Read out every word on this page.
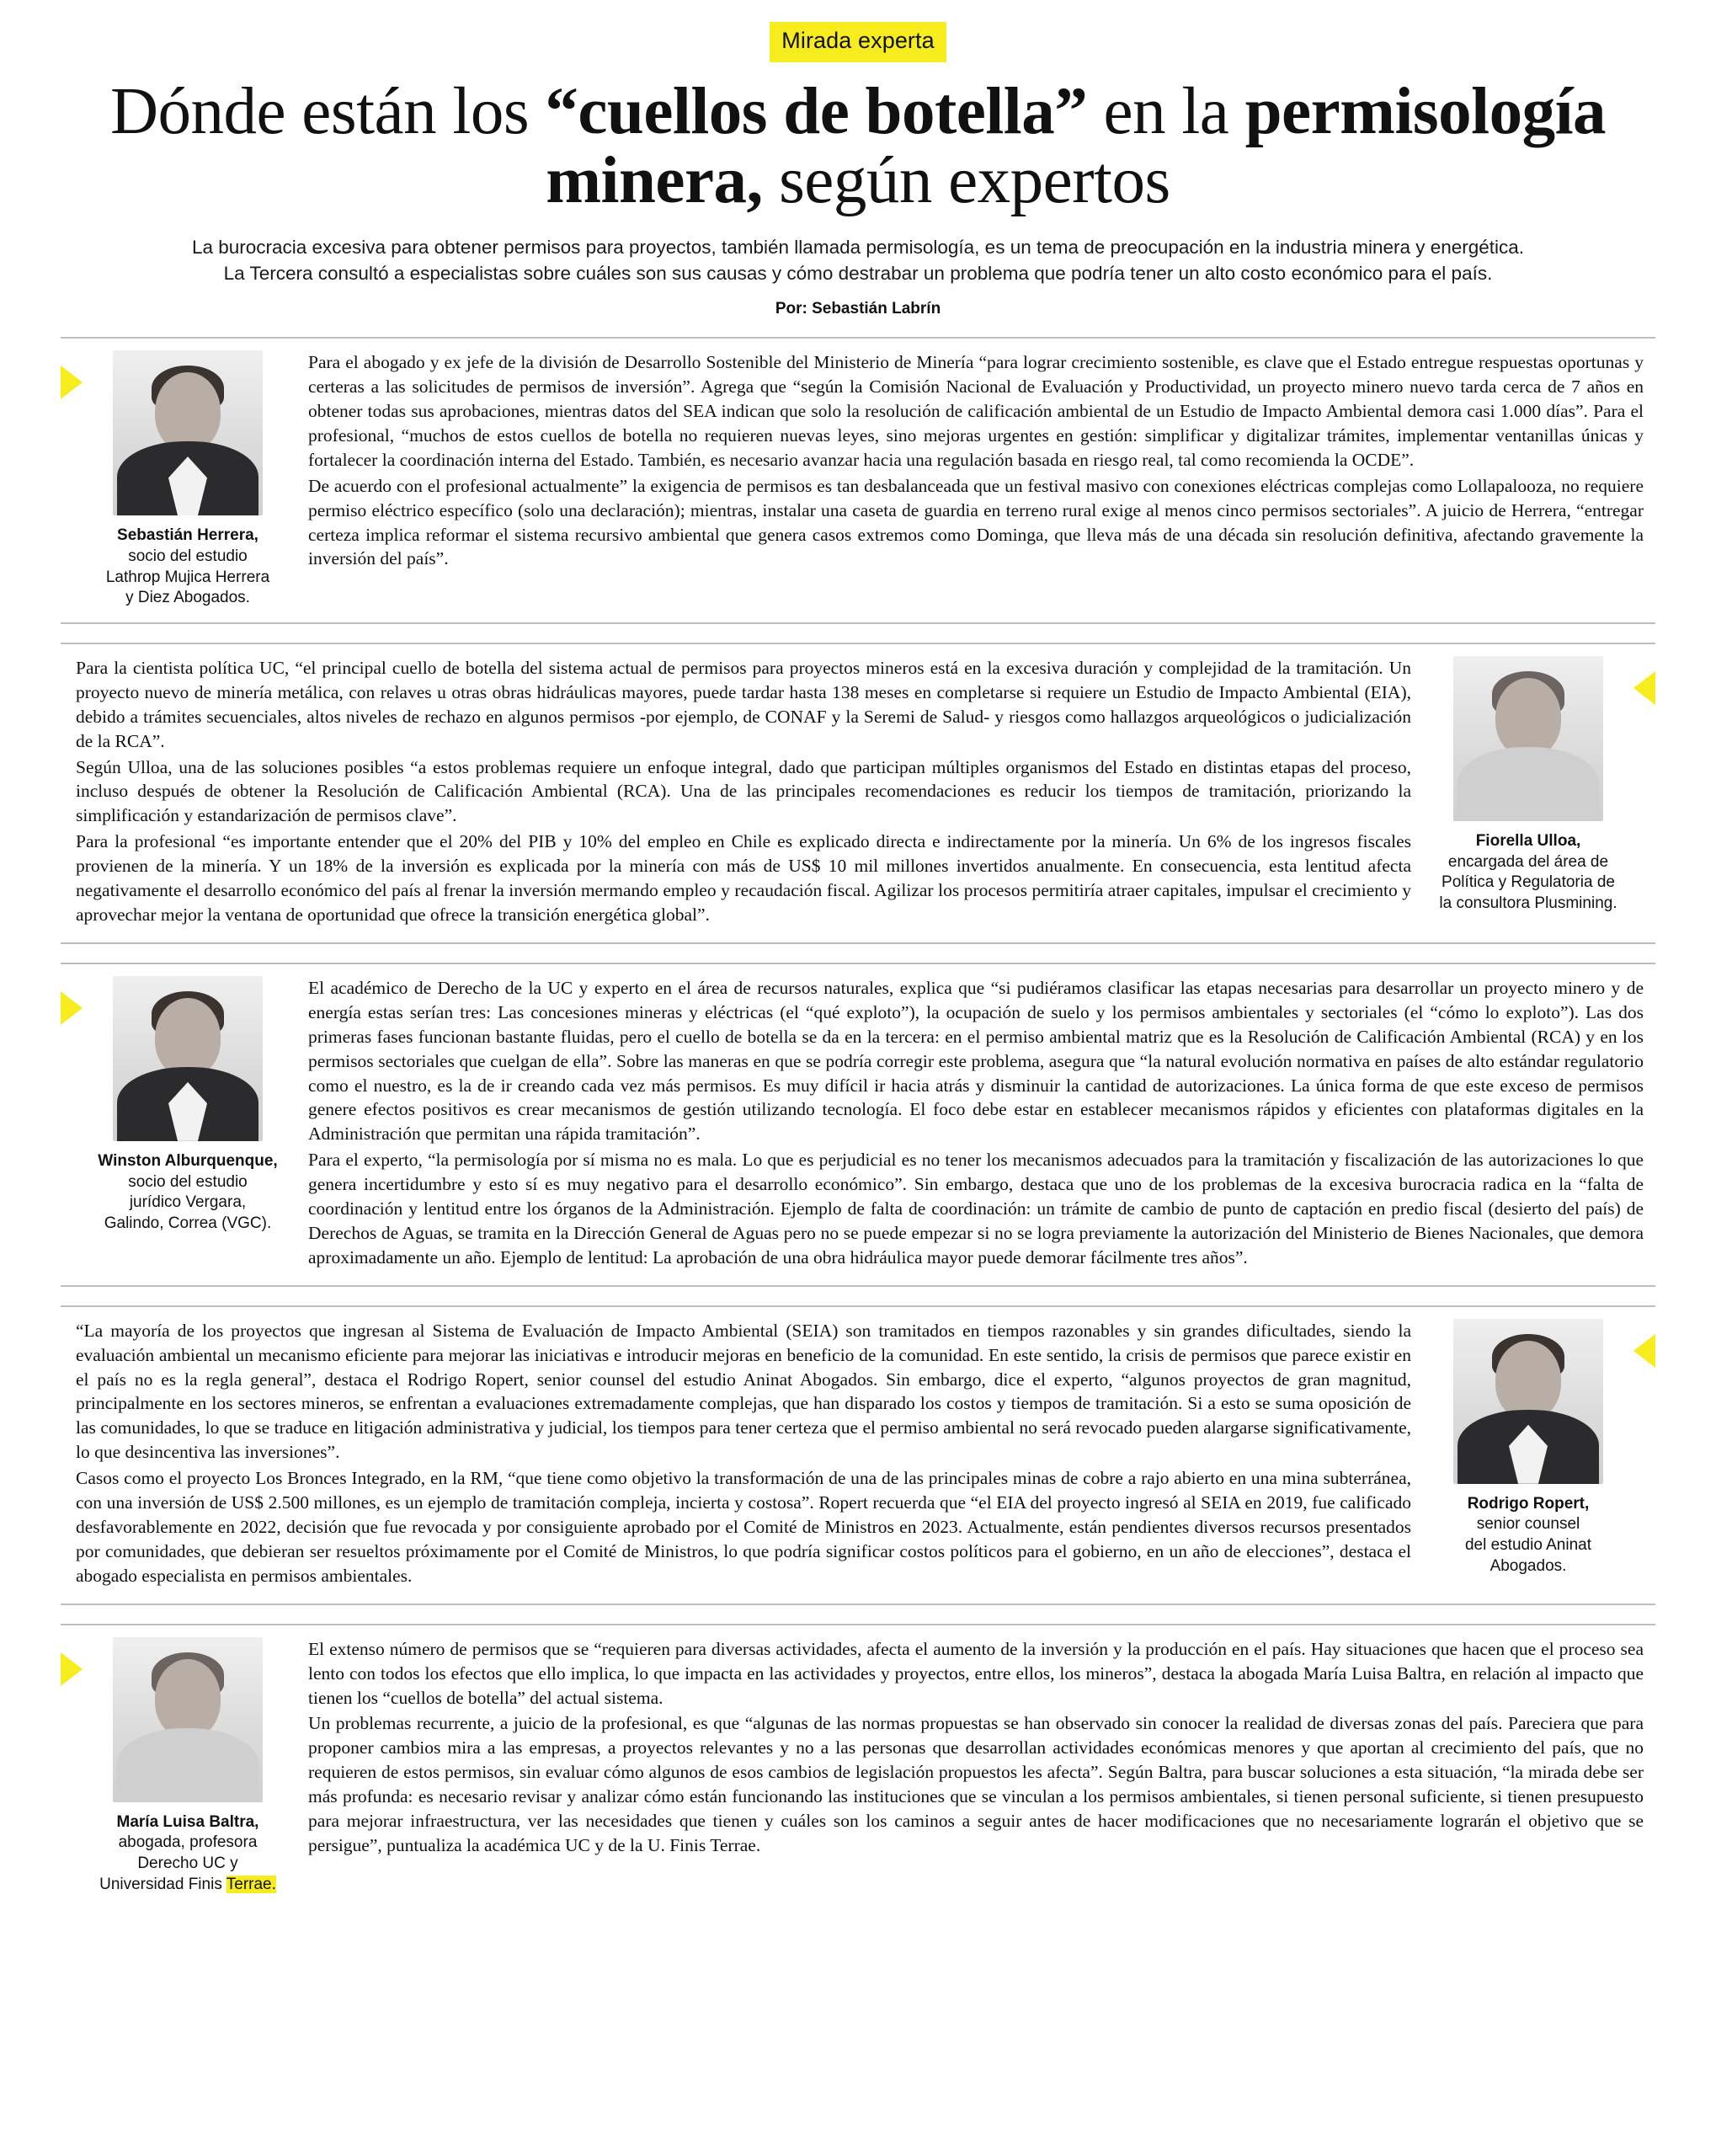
Mirada experta
Dónde están los “cuellos de botella” en la permisología minera, según expertos
La burocracia excesiva para obtener permisos para proyectos, también llamada permisología, es un tema de preocupación en la industria minera y energética.
La Tercera consultó a especialistas sobre cuáles son sus causas y cómo destrabar un problema que podría tener un alto costo económico para el país.
Por: Sebastián Labrín
Sebastián Herrera,
socio del estudio
Lathrop Mujica Herrera
y Diez Abogados.

Para el abogado y ex jefe de la división de Desarrollo Sostenible del Ministerio de Minería “para lograr crecimiento sostenible, es clave que el Estado entregue respuestas oportunas y certeras a las solicitudes de permisos de inversión”. Agrega que “según la Comisión Nacional de Evaluación y Productividad, un proyecto minero nuevo tarda cerca de 7 años en obtener todas sus aprobaciones, mientras datos del SEA indican que solo la resolución de calificación ambiental de un Estudio de Impacto Ambiental demora casi 1.000 días”. Para el profesional, “muchos de estos cuellos de botella no requieren nuevas leyes, sino mejoras urgentes en gestión: simplificar y digitalizar trámites, implementar ventanillas únicas y fortalecer la coordinación interna del Estado. También, es necesario avanzar hacia una regulación basada en riesgo real, tal como recomienda la OCDE”.

De acuerdo con el profesional actualmente” la exigencia de permisos es tan desbalanceada que un festival masivo con conexiones eléctricas complejas como Lollapalooza, no requiere permiso eléctrico específico (solo una declaración); mientras, instalar una caseta de guardia en terreno rural exige al menos cinco permisos sectoriales”. A juicio de Herrera, “entregar certeza implica reformar el sistema recursivo ambiental que genera casos extremos como Dominga, que lleva más de una década sin resolución definitiva, afectando gravemente la inversión del país”.

Para la cientista política UC, “el principal cuello de botella del sistema actual de permisos para proyectos mineros está en la excesiva duración y complejidad de la tramitación. Un proyecto nuevo de minería metálica, con relaves u otras obras hidráulicas mayores, puede tardar hasta 138 meses en completarse si requiere un Estudio de Impacto Ambiental (EIA), debido a trámites secuenciales, altos niveles de rechazo en algunos permisos -por ejemplo, de CONAF y la Seremi de Salud- y riesgos como hallazgos arqueológicos o judicialización de la RCA”.

Según Ulloa, una de las soluciones posibles “a estos problemas requiere un enfoque integral, dado que participan múltiples organismos del Estado en distintas etapas del proceso, incluso después de obtener la Resolución de Calificación Ambiental (RCA). Una de las principales recomendaciones es reducir los tiempos de tramitación, priorizando la simplificación y estandarización de permisos clave”.

Para la profesional “es importante entender que el 20% del PIB y 10% del empleo en Chile es explicado directa e indirectamente por la minería. Un 6% de los ingresos fiscales provienen de la minería. Y un 18% de la inversión es explicada por la minería con más de US$ 10 mil millones invertidos anualmente. En consecuencia, esta lentitud afecta negativamente el desarrollo económico del país al frenar la inversión mermando empleo y recaudación fiscal. Agilizar los procesos permitiría atraer capitales, impulsar el crecimiento y aprovechar mejor la ventana de oportunidad que ofrece la transición energética global”.

Fiorella Ulloa,
encargada del área de
Política y Regulatoria de
la consultora Plusmining.
Winston Alburquenque,
socio del estudio
jurídico Vergara,
Galindo, Correa (VGC).

El académico de Derecho de la UC y experto en el área de recursos naturales, explica que “si pudiéramos clasificar las etapas necesarias para desarrollar un proyecto minero y de energía estas serían tres: Las concesiones mineras y eléctricas (el “qué exploto”), la ocupación de suelo y los permisos ambientales y sectoriales (el “cómo lo exploto”). Las dos primeras fases funcionan bastante fluidas, pero el cuello de botella se da en la tercera: en el permiso ambiental matriz que es la Resolución de Calificación Ambiental (RCA) y en los permisos sectoriales que cuelgan de ella”. Sobre las maneras en que se podría corregir este problema, asegura que “la natural evolución normativa en países de alto estándar regulatorio como el nuestro, es la de ir creando cada vez más permisos. Es muy difícil ir hacia atrás y disminuir la cantidad de autorizaciones. La única forma de que este exceso de permisos genere efectos positivos es crear mecanismos de gestión utilizando tecnología. El foco debe estar en establecer mecanismos rápidos y eficientes con plataformas digitales en la Administración que permitan una rápida tramitación”.

Para el experto, “la permisología por sí misma no es mala. Lo que es perjudicial es no tener los mecanismos adecuados para la tramitación y fiscalización de las autorizaciones lo que genera incertidumbre y esto sí es muy negativo para el desarrollo económico”. Sin embargo, destaca que uno de los problemas de la excesiva burocracia radica en la “falta de coordinación y lentitud entre los órganos de la Administración. Ejemplo de falta de coordinación: un trámite de cambio de punto de captación en predio fiscal (desierto del país) de Derechos de Aguas, se tramita en la Dirección General de Aguas pero no se puede empezar si no se logra previamente la autorización del Ministerio de Bienes Nacionales, que demora aproximadamente un año. Ejemplo de lentitud: La aprobación de una obra hidráulica mayor puede demorar fácilmente tres años”.

“La mayoría de los proyectos que ingresan al Sistema de Evaluación de Impacto Ambiental (SEIA) son tramitados en tiempos razonables y sin grandes dificultades, siendo la evaluación ambiental un mecanismo eficiente para mejorar las iniciativas e introducir mejoras en beneficio de la comunidad. En este sentido, la crisis de permisos que parece existir en el país no es la regla general”, destaca el Rodrigo Ropert, senior counsel del estudio Aninat Abogados. Sin embargo, dice el experto, “algunos proyectos de gran magnitud, principalmente en los sectores mineros, se enfrentan a evaluaciones extremadamente complejas, que han disparado los costos y tiempos de tramitación. Si a esto se suma oposición de las comunidades, lo que se traduce en litigación administrativa y judicial, los tiempos para tener certeza que el permiso ambiental no será revocado pueden alargarse significativamente, lo que desincentiva las inversiones”.

Casos como el proyecto Los Bronces Integrado, en la RM, “que tiene como objetivo la transformación de una de las principales minas de cobre a rajo abierto en una mina subterránea, con una inversión de US$ 2.500 millones, es un ejemplo de tramitación compleja, incierta y costosa”. Ropert recuerda que “el EIA del proyecto ingresó al SEIA en 2019, fue calificado desfavorablemente en 2022, decisión que fue revocada y por consiguiente aprobado por el Comité de Ministros en 2023. Actualmente, están pendientes diversos recursos presentados por comunidades, que debieran ser resueltos próximamente por el Comité de Ministros, lo que podría significar costos políticos para el gobierno, en un año de elecciones”, destaca el abogado especialista en permisos ambientales.

Rodrigo Ropert,
senior counsel
del estudio Aninat
Abogados.
María Luisa Baltra,
abogada, profesora
Derecho UC y
Universidad Finis Terrae.

El extenso número de permisos que se “requieren para diversas actividades, afecta el aumento de la inversión y la producción en el país. Hay situaciones que hacen que el proceso sea lento con todos los efectos que ello implica, lo que impacta en las actividades y proyectos, entre ellos, los mineros”, destaca la abogada María Luisa Baltra, en relación al impacto que tienen los “cuellos de botella” del actual sistema.

Un problemas recurrente, a juicio de la profesional, es que “algunas de las normas propuestas se han observado sin conocer la realidad de diversas zonas del país. Pareciera que para proponer cambios mira a las empresas, a proyectos relevantes y no a las personas que desarrollan actividades económicas menores y que aportan al crecimiento del país, que no requieren de estos permisos, sin evaluar cómo algunos de esos cambios de legislación propuestos les afecta”. Según Baltra, para buscar soluciones a esta situación, “la mirada debe ser más profunda: es necesario revisar y analizar cómo están funcionando las instituciones que se vinculan a los permisos ambientales, si tienen personal suficiente, si tienen presupuesto para mejorar infraestructura, ver las necesidades que tienen y cuáles son los caminos a seguir antes de hacer modificaciones que no necesariamente lograrán el objetivo que se persigue”, puntualiza la académica UC y de la U. Finis Terrae.
